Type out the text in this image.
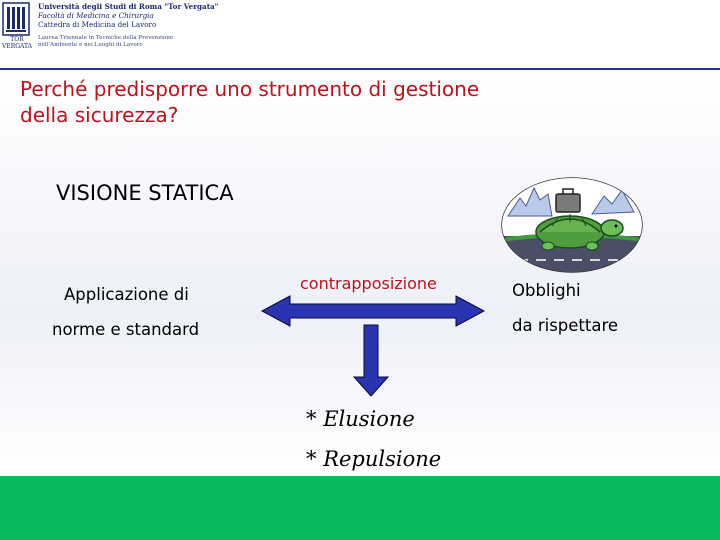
TOR VERGATA
Università degli Studi di Roma "Tor Vergata"
Facoltà di Medicina e Chirurgia
Cattedra di Medicina del Lavoro
Laurea Triennale in Tecniche della Prevenzione
nell'Ambiente e nei Luoghi di Lavoro
Perché predisporre uno strumento di gestione
della sicurezza?
VISIONE STATICA
Applicazione di
norme e standard
contrapposizione	Obblighi
da rispettare
* Elusione
* Repulsione
